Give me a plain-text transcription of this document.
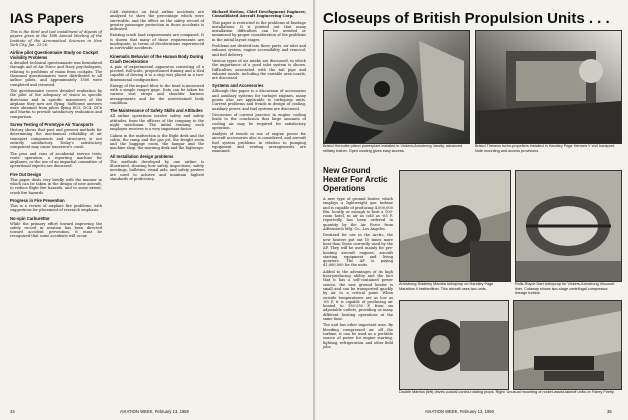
IAS Papers

This is the third and last installment of digests of papers given at the 18th Annual Meeting of the Institute of the Aeronautical Sciences in New York City, Jan. 23-26.

Airline pilot Questionnaire Study on Cockpit Visibility Problems

A detailed technical questionnaire was formulated through aid of Air Force and Navy psychologists, relating to problems of vision from cockpits. The thousand questionnaires were distributed to all airline pilots, and approximately 1500 were completed and returned.

The questionnaire covers detailed evaluation by the pilot of the adequacy of vision in specific directions and in specific maneuvers of the airplane they now are flying. Sufficient answers were obtained from pilots flying DC3, DC4, DC6 and Martin to provide satisfactory evaluation and comparison.

Screw Testing of Prototype Air Transports

History shows that past and present methods for determining the mechanical reliability of air transport components and structures is not entirely satisfactory. Today's satisfactory component may cause tomorrow's crash.

The pros and cons of accidental service tests, route operation, a reporting machine for airplanes, or the use of an impartial committee of operational experts are discussed.

Fire Out Design

This paper deals very briefly with the manner in which can be taken in the design of new aircraft, to reduce flight fire hazards, and to some extent, crash fire hazards.

Progress in Fire Prevention

This is a review of airplane fire problems, with suggestions for placement of research emphasis.

No-spin Carburettor

While the primary effort toward improving the safety record in aviation has been directed toward accident prevention, it must be recognized that some accidents will occur.

CAB statistics on fatal airline accidents are analyzed to show the percentage which were survivable, and the effect on the safety record of greater passenger protection in those accidents is indicated.

Existing crash load requirements are compared. It is shown that many of those requirements are inadequate, in terms of decelerations experienced in survivable accidents.

Kinematic Behavior of the Human Body During Crash Deceleration

A pair of experimental apparatus consisting of a pivoted, full-scale, proportioned dummy and a sled capable of driving it to a stop was placed in a two-dimensional configuration.

Energy of the impact blow to the head is measured with a simple ranger gage. Data can be taken for various seat straps and shoulder harness arrangements and for the unrestrained body condition.

The Maintenance of Safety Skills and Attitudes

All airline operations involve safety and safety attitudes, from the officers of the company to the night watchman. The initial training each employee receives is a very important factor.

Cabins in the midsection is the flight desk and the cabin, the ramp and the gas pit, the freight room and the baggage room, the hangar and the machine shop, the morning desk and the highways.

All Installation design problems

The methods developed by one airline is illustrated, showing how safety inspections, safety meetings, bulletins, visual aids, and safety posters are used to achieve and maintain highest standards of proficiency.

Richard Hutton, Chief Development Engineer, Consolidated Aircraft Engineering Corp.

This paper is restricted to the problems of fuselage installations. It is pointed out that many installation difficulties can be avoided or minimized by proper consideration of the problems in the initial layout stages.

Problems are divided into three parts: air inlet and exhaust system, engine accessibility and removal, and fuel delivery.

Various types of air intake are discussed, in which the importance of a good inlet system is shown. Difficulties associated with the tail pipe and exhaust nozzle, including the variable area nozzle, are discussed.

Systems and Accessories

Although this paper is a discussion of accessories and auxiliary systems for turbojet engines, many points also are applicable to turboprop units. Current problems and trends in design of cooling, auxiliary power, and fuel systems are discussed.

Discussion of current practice in engine cooling leads to the conclusion that large amounts of cooling air may be required for satisfactory operation.

Analysis of trends in use of engine power for aircraft accessories also is considered, and aircraft fuel system problems in relation to pumping equipment and venting arrangements are examined.

34	AVIATION WEEK, February 13, 1950
Closeups of British Propulsion Units . . .
Bristol Hercules piston powerplant installed in Vickers-Armstrong Varsity, advanced military trainer. Open cowling gives easy access.
Bristol Theseus turbo-propellers installed in Handley Page Hermes V civil transport. Note mounting and access provisions.
New Ground Heater For Arctic Operations

A new type of ground heater, which employs a lightweight gas turbine and is capable of producing 4,000,000 Btu. hourly, or enough to heat a 100-room hotel, in air as cold as -65 F, reportedly has been ordered in quantity by the Air Force from AiResearch Mfg. Co., Los Angeles.

Destined for use in the Arctic, the new heaters put out 10 times more heat than those currently used by the AF. They will be used mainly for pre-heating aircraft engines, aircraft starting equipment and living quarters. The AF is paying $1,000,000 for the units.

Added to the advantages of its high heat-producing ability and the fact that it has a self-contained power source, the new ground heater is small and can be transported quickly by air to a critical point. When outside temperatures are as low as -65 F, it is capable of producing air heated to 150-250 F, from six adjustable outlets, providing as many different heating operations at the same time.

The unit has other important uses. By bleeding compressed air off the turbine, it can be used as a portable source of power for engine starting, lighting, refrigeration, and other field jobs.

Armstrong Siddeley Mamba turboprop on Handley Page Marathon II testbedliner. This aircraft uses two units.
Rolls-Royce Dart turboprop for Vickers-Armstrong Viscount liner. Cutaway shows two-stage centrifugal compressor, lineage turbine.
Double Mamba (left) drives coaxial contra-rotating props. Right: Unusual mounting of rocket-assist-takeoff units on Fairey Firefly.
AVIATION WEEK, February 13, 1950	35
